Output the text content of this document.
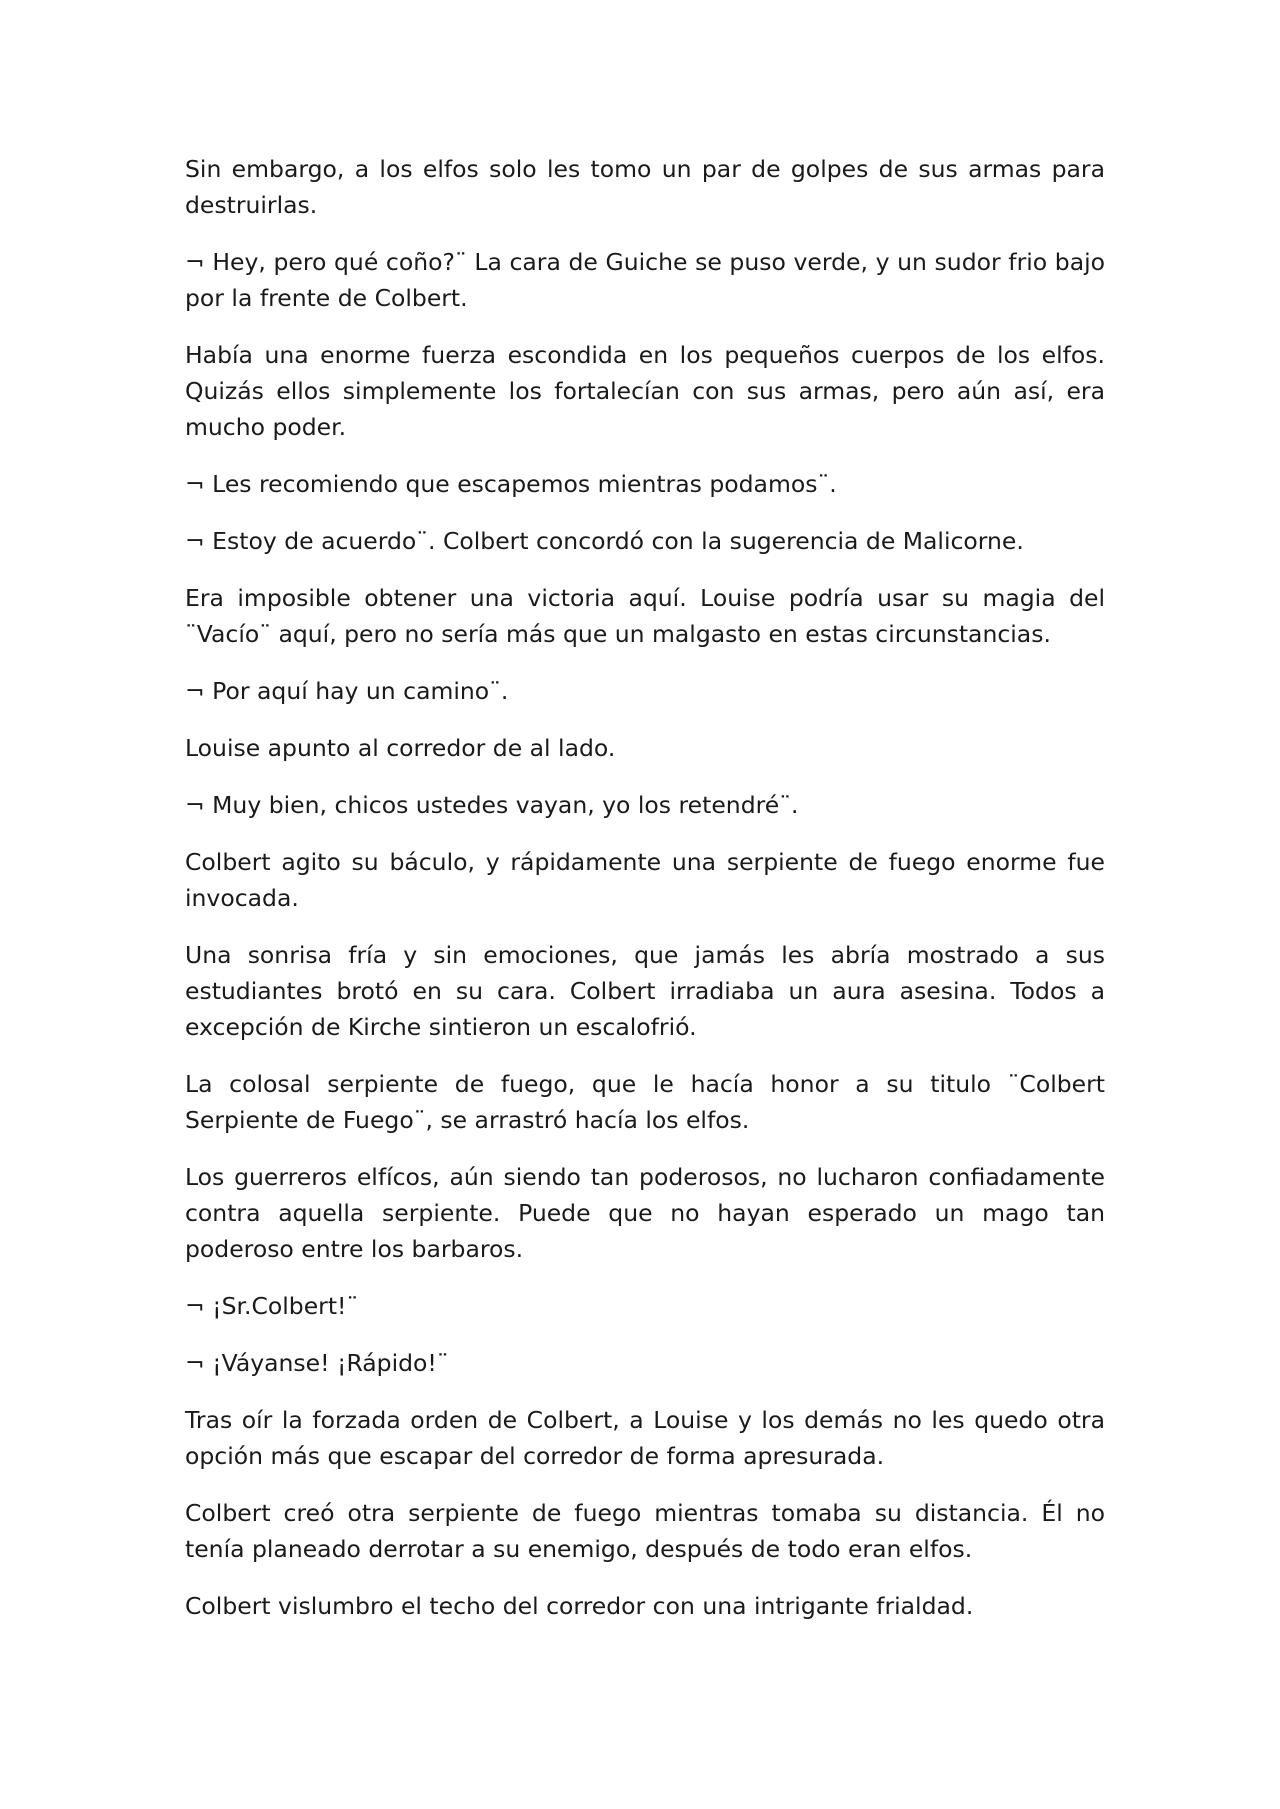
Sin embargo, a los elfos solo les tomo un par de golpes de sus armas para destruirlas.

¬ Hey, pero qué coño?¨ La cara de Guiche se puso verde, y un sudor frio bajo por la frente de Colbert.

Había una enorme fuerza escondida en los pequeños cuerpos de los elfos. Quizás ellos simplemente los fortalecían con sus armas, pero aún así, era mucho poder.

¬ Les recomiendo que escapemos mientras podamos¨.

¬ Estoy de acuerdo¨. Colbert concordó con la sugerencia de Malicorne.

Era imposible obtener una victoria aquí. Louise podría usar su magia del ¨Vacío¨ aquí, pero no sería más que un malgasto en estas circunstancias.

¬ Por aquí hay un camino¨.

Louise apunto al corredor de al lado.

¬ Muy bien, chicos ustedes vayan, yo los retendré¨.

Colbert agito su báculo, y rápidamente una serpiente de fuego enorme fue invocada.

Una sonrisa fría y sin emociones, que jamás les abría mostrado a sus estudiantes brotó en su cara. Colbert irradiaba un aura asesina. Todos a excepción de Kirche sintieron un escalofrió.

La colosal serpiente de fuego, que le hacía honor a su titulo ¨Colbert Serpiente de Fuego¨, se arrastró hacía los elfos.

Los guerreros elfícos, aún siendo tan poderosos, no lucharon confiadamente contra aquella serpiente. Puede que no hayan esperado un mago tan poderoso entre los barbaros.

¬ ¡Sr.Colbert!¨

¬ ¡Váyanse! ¡Rápido!¨

Tras oír la forzada orden de Colbert, a Louise y los demás no les quedo otra opción más que escapar del corredor de forma apresurada.

Colbert creó otra serpiente de fuego mientras tomaba su distancia. Él no tenía planeado derrotar a su enemigo, después de todo eran elfos.

Colbert vislumbro el techo del corredor con una intrigante frialdad.
